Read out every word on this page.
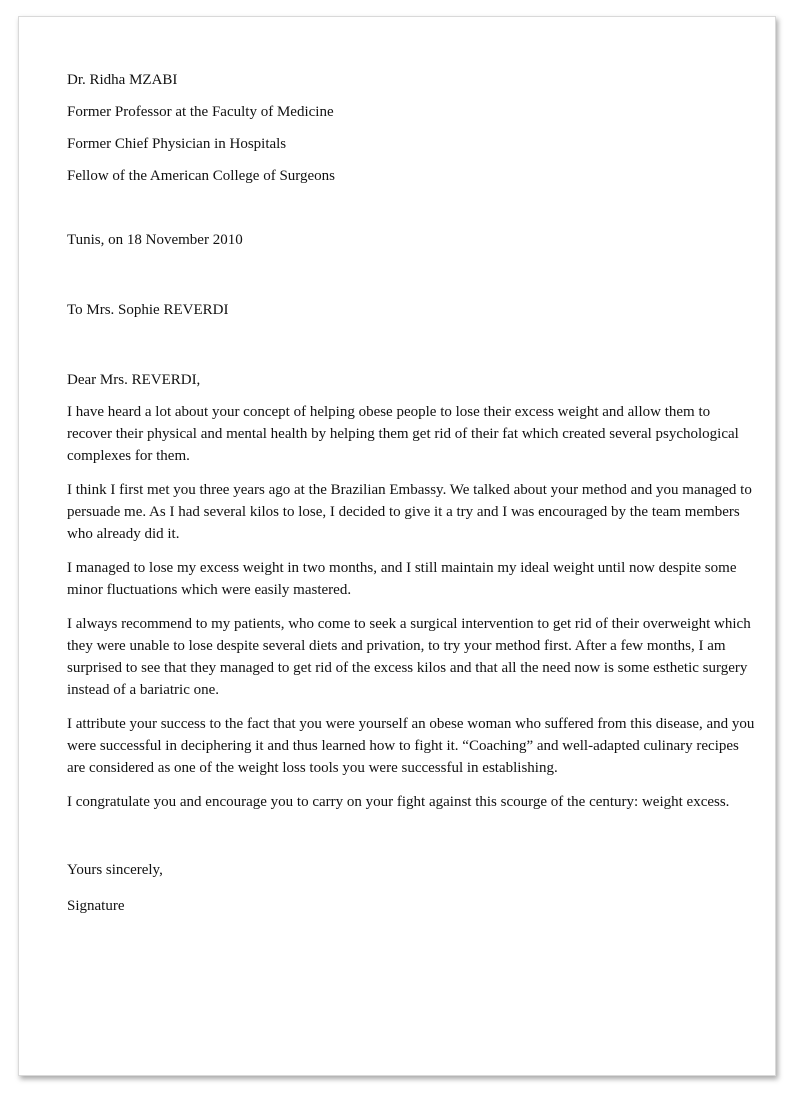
Dr. Ridha MZABI

Former Professor at the Faculty of Medicine

Former Chief Physician in Hospitals

Fellow of the American College of Surgeons

Tunis, on 18 November 2010

To Mrs. Sophie REVERDI

Dear Mrs. REVERDI,

I have heard a lot about your concept of helping obese people to lose their excess weight and allow them to recover their physical and mental health by helping them get rid of their fat which created several psychological complexes for them.

I think I first met you three years ago at the Brazilian Embassy. We talked about your method and you managed to persuade me. As I had several kilos to lose, I decided to give it a try and I was encouraged by the team members who already did it.

I managed to lose my excess weight in two months, and I still maintain my ideal weight until now despite some minor fluctuations which were easily mastered.

I always recommend to my patients, who come to seek a surgical intervention to get rid of their overweight which they were unable to lose despite several diets and privation, to try your method first. After a few months, I am surprised to see that they managed to get rid of the excess kilos and that all the need now is some esthetic surgery instead of a bariatric one.

I attribute your success to the fact that you were yourself an obese woman who suffered from this disease, and you were successful in deciphering it and thus learned how to fight it. “Coaching” and well-adapted culinary recipes are considered as one of the weight loss tools you were successful in establishing.

I congratulate you and encourage you to carry on your fight against this scourge of the century: weight excess.

Yours sincerely,

Signature
